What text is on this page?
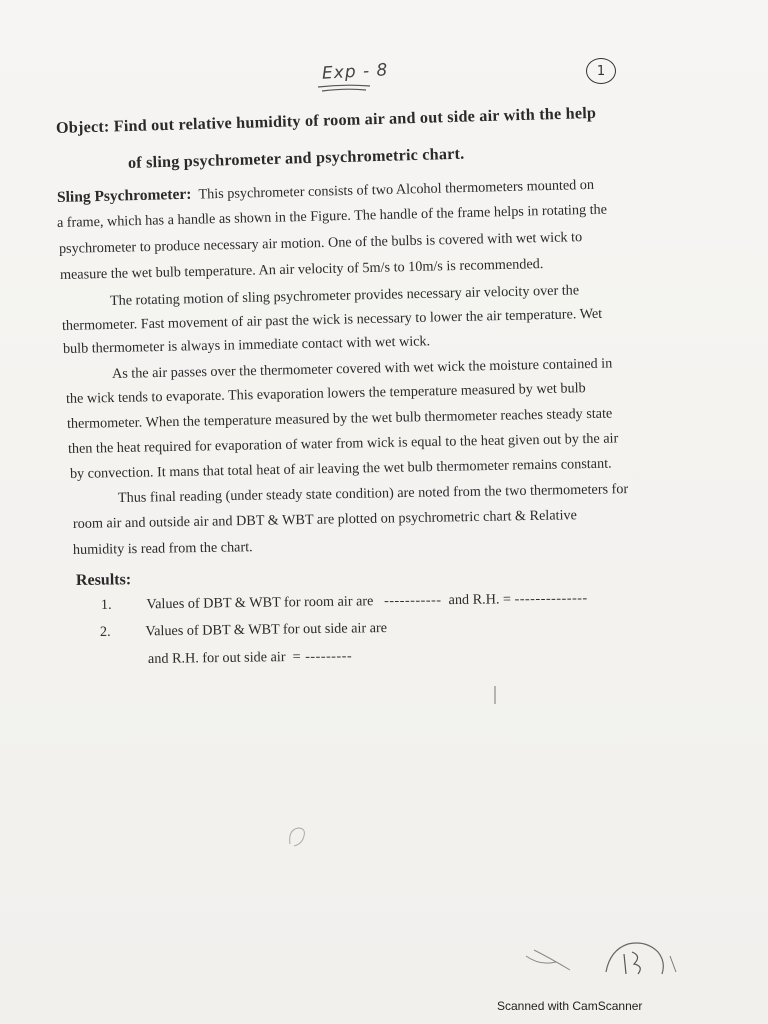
Exp - 8	1
Object: Find out relative humidity of room air and out side air with the help
of sling psychrometer and psychrometric chart.
Sling Psychrometer: This psychrometer consists of two Alcohol thermometers mounted on
a frame, which has a handle as shown in the Figure. The handle of the frame helps in rotating the
psychrometer to produce necessary air motion. One of the bulbs is covered with wet wick to
measure the wet bulb temperature. An air velocity of 5m/s to 10m/s is recommended.
The rotating motion of sling psychrometer provides necessary air velocity over the
thermometer. Fast movement of air past the wick is necessary to lower the air temperature. Wet
bulb thermometer is always in immediate contact with wet wick.
As the air passes over the thermometer covered with wet wick the moisture contained in
the wick tends to evaporate. This evaporation lowers the temperature measured by wet bulb
thermometer. When the temperature measured by the wet bulb thermometer reaches steady state
then the heat required for evaporation of water from wick is equal to the heat given out by the air
by convection. It mans that total heat of air leaving the wet bulb thermometer remains constant.
Thus final reading (under steady state condition) are noted from the two thermometers for
room air and outside air and DBT & WBT are plotted on psychrometric chart & Relative
humidity is read from the chart.
Results:
1. Values of DBT & WBT for room air are ----------- and R.H. = --------------
2. Values of DBT & WBT for out side air are
and R.H. for out side air = ---------
Scanned with CamScanner
